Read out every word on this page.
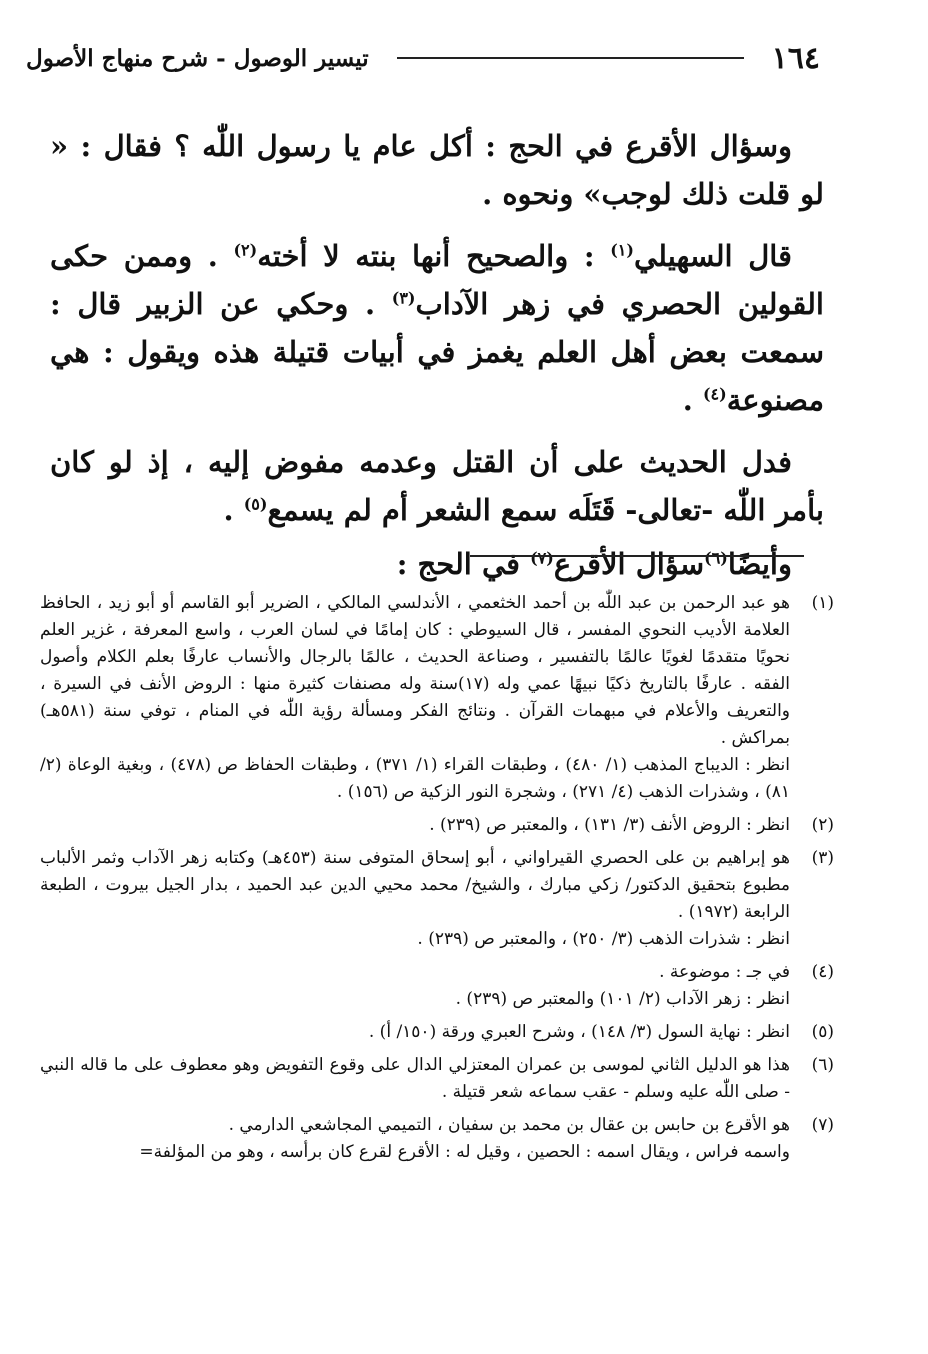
١٦٤
تيسير الوصول - شرح منهاج الأصول

وسؤال الأقرع في الحج : أكل عام يا رسول اللّٰه ؟ فقال : « لو قلت ذلك لوجب» ونحوه .

قال السهيلي$^{(١)}$ : والصحيح أنها بنته لا أخته$^{(٢)}$ . وممن حكى القولين الحصري في زهر الآداب$^{(٣)}$ . وحكي عن الزبير قال : سمعت بعض أهل العلم يغمز في أبيات قتيلة هذه ويقول : هي مصنوعة$^{(٤)}$ .

فدل الحديث على أن القتل وعدمه مفوض إليه ، إذ لو كان بأمر اللّٰه -تعالى- قَتَلَه سمع الشعر أم لم يسمع$^{(٥)}$ .

وأيضًا$^{(٦)}$سؤال الأقرع$^{(٧)}$ في الحج :

(١)
هو عبد الرحمن بن عبد اللّٰه بن أحمد الخثعمي ، الأندلسي المالكي ، الضرير أبو القاسم أو أبو زيد ، الحافظ العلامة الأديب النحوي المفسر ، قال السيوطي : كان إمامًا في لسان العرب ، واسع المعرفة ، غزير العلم نحويًا متقدمًا لغويًا عالمًا بالتفسير ، وصناعة الحديث ، عالمًا بالرجال والأنساب عارفًا بعلم الكلام وأصول الفقه . عارفًا بالتاريخ ذكيًا نبيهًا عمي وله (١٧)سنة وله مصنفات كثيرة منها : الروض الأنف في السيرة ، والتعريف والأعلام في مبهمات القرآن . ونتائج الفكر ومسألة رؤية اللّٰه في المنام ، توفي سنة (٥٨١هـ) بمراكش .
انظر : الديباج المذهب (١/ ٤٨٠) ، وطبقات القراء (١/ ٣٧١) ، وطبقات الحفاظ ص (٤٧٨) ، وبغية الوعاة (٢/ ٨١) ، وشذرات الذهب (٤/ ٢٧١) ، وشجرة النور الزكية ص (١٥٦) .
(٢)
انظر : الروض الأنف (٣/ ١٣١) ، والمعتبر ص (٢٣٩) .
(٣)
هو إبراهيم بن على الحصري القيراواني ، أبو إسحاق المتوفى سنة (٤٥٣هـ) وكتابه زهر الآداب وثمر الألباب مطبوع بتحقيق الدكتور/ زكي مبارك ، والشيخ/ محمد محيي الدين عبد الحميد ، بدار الجيل بيروت ، الطبعة الرابعة (١٩٧٢) .
انظر : شذرات الذهب (٣/ ٢٥٠) ، والمعتبر ص (٢٣٩) .
(٤)
في جـ : موضوعة .
انظر : زهر الآداب (٢/ ١٠١) والمعتبر ص (٢٣٩) .
(٥)
انظر : نهاية السول (٣/ ١٤٨) ، وشرح العبري ورقة (١٥٠/ أ) .
(٦)
هذا هو الدليل الثاني لموسى بن عمران المعتزلي الدال على وقوع التفويض وهو معطوف على ما قاله النبي - صلى اللّٰه عليه وسلم - عقب سماعه شعر قتيلة .
(٧)
هو الأقرع بن حابس بن عقال بن محمد بن سفيان ، التميمي المجاشعي الدارمي .
واسمه فراس ، ويقال اسمه : الحصين ، وقيل له : الأقرع لقرع كان برأسه ، وهو من المؤلفة=
